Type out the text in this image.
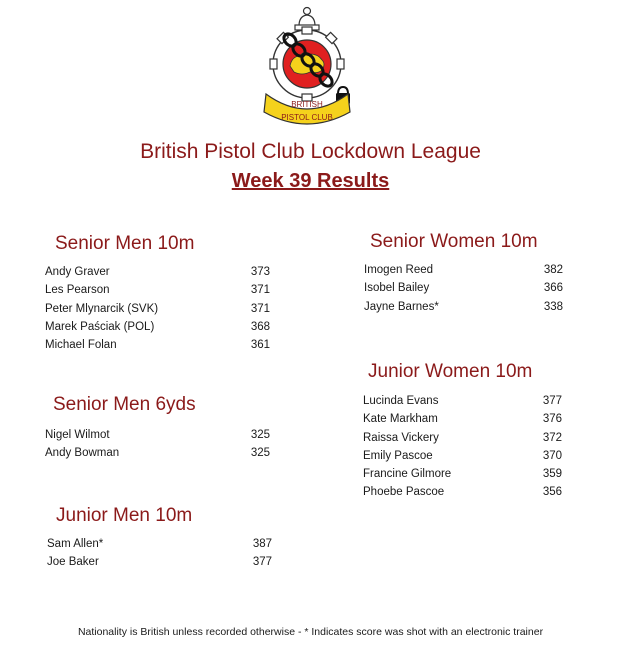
BRITISH
PISTOL CLUB
British Pistol Club Lockdown League
Week 39 Results
Senior Men 10m
Andy Graver	373
Les Pearson	371
Peter Mlynarcik (SVK)	371
Marek Paściak (POL)	368
Michael Folan	361
Senior Men 6yds
Nigel Wilmot	325
Andy Bowman	325
Junior Men 10m
Sam Allen*	387
Joe Baker	377
Senior Women 10m
Imogen Reed	382
Isobel Bailey	366
Jayne Barnes*	338
Junior Women 10m
Lucinda Evans	377
Kate Markham	376
Raissa Vickery	372
Emily Pascoe	370
Francine Gilmore	359
Phoebe Pascoe	356
Nationality is British unless recorded otherwise - * Indicates score was shot with an electronic trainer
